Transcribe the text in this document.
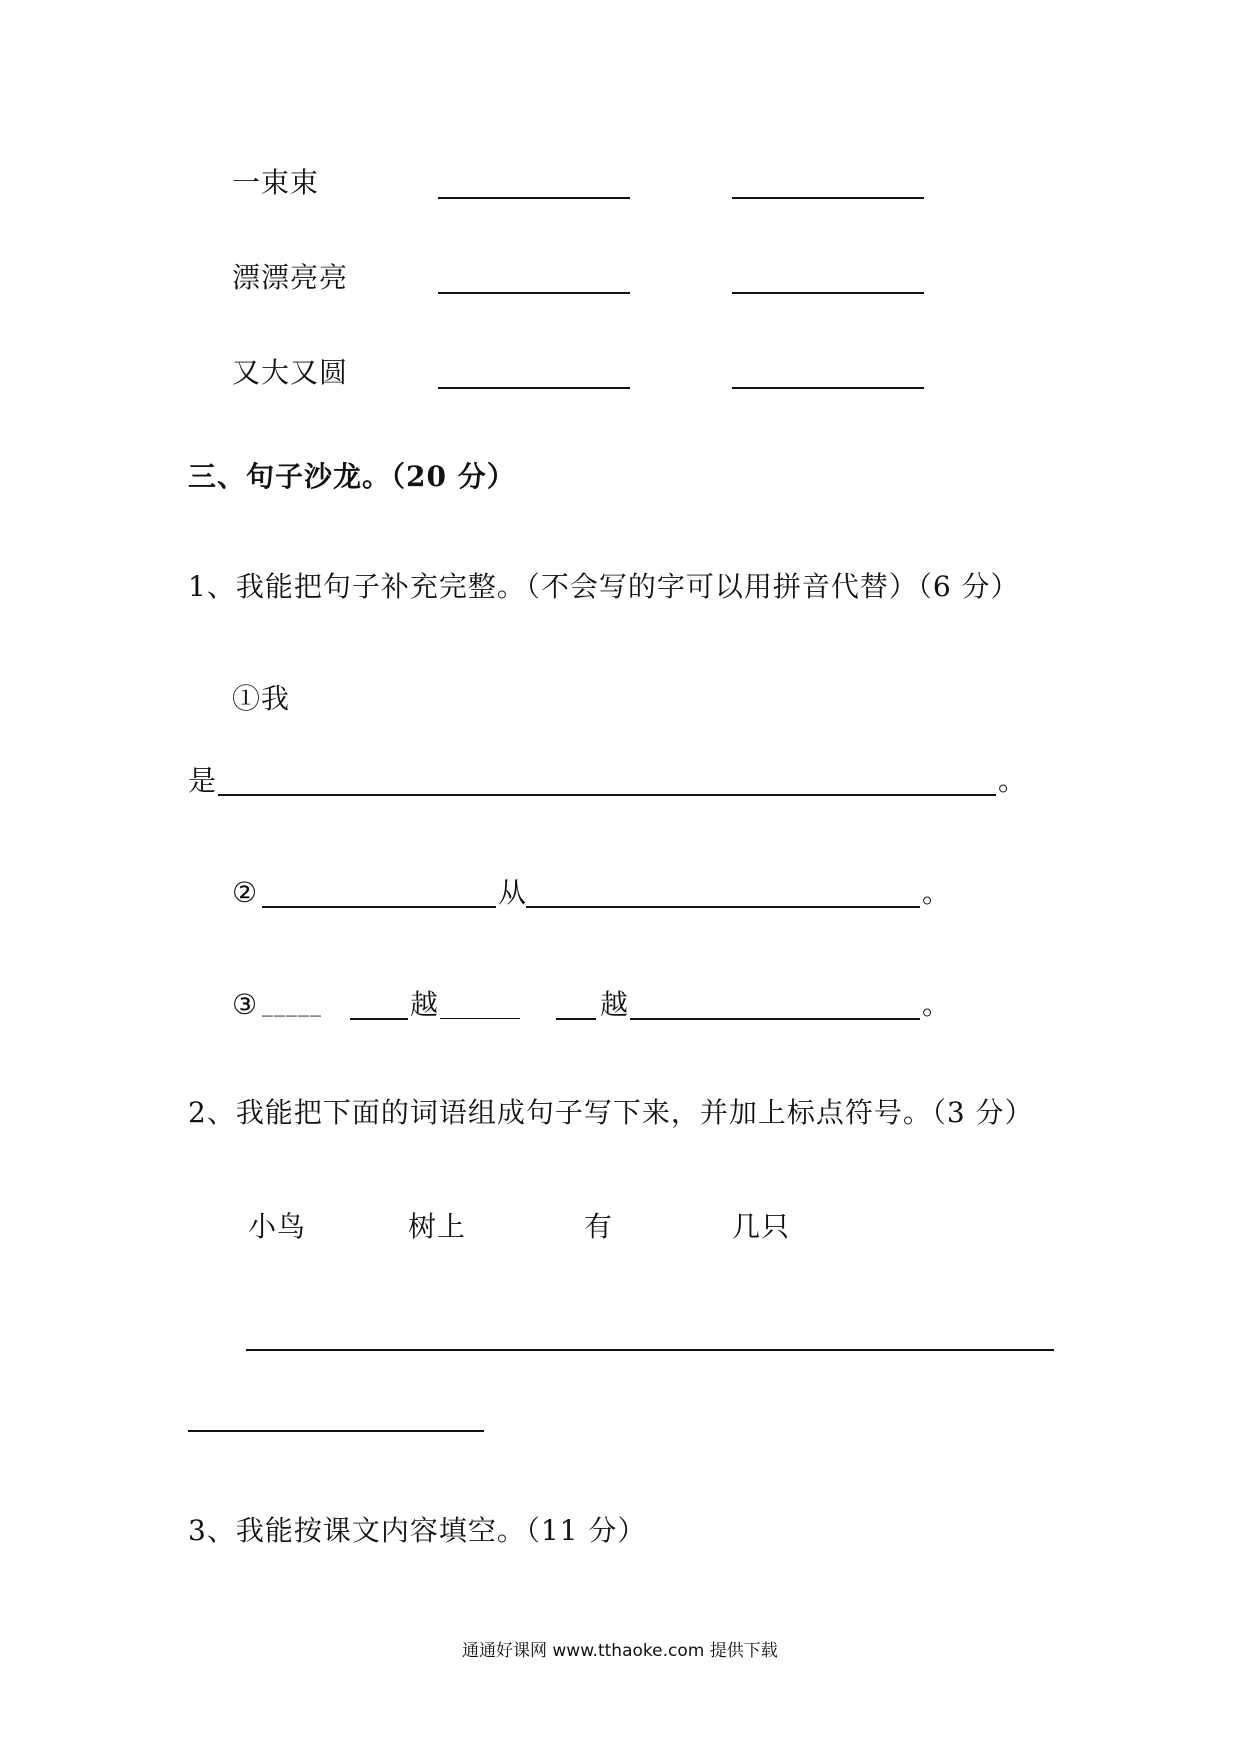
一束束
漂漂亮亮
又大又圆
三、句子沙龙。（20 分）
1、我能把句子补充完整。（不会写的字可以用拼音代替）（6 分）
①我
是	。
②	从	。
③ _____	越	越	。
2、我能把下面的词语组成句子写下来，并加上标点符号。（3 分）
小鸟	树上	有	几只
3、我能按课文内容填空。（11 分）
通通好课网 www.tthaoke.com 提供下载
